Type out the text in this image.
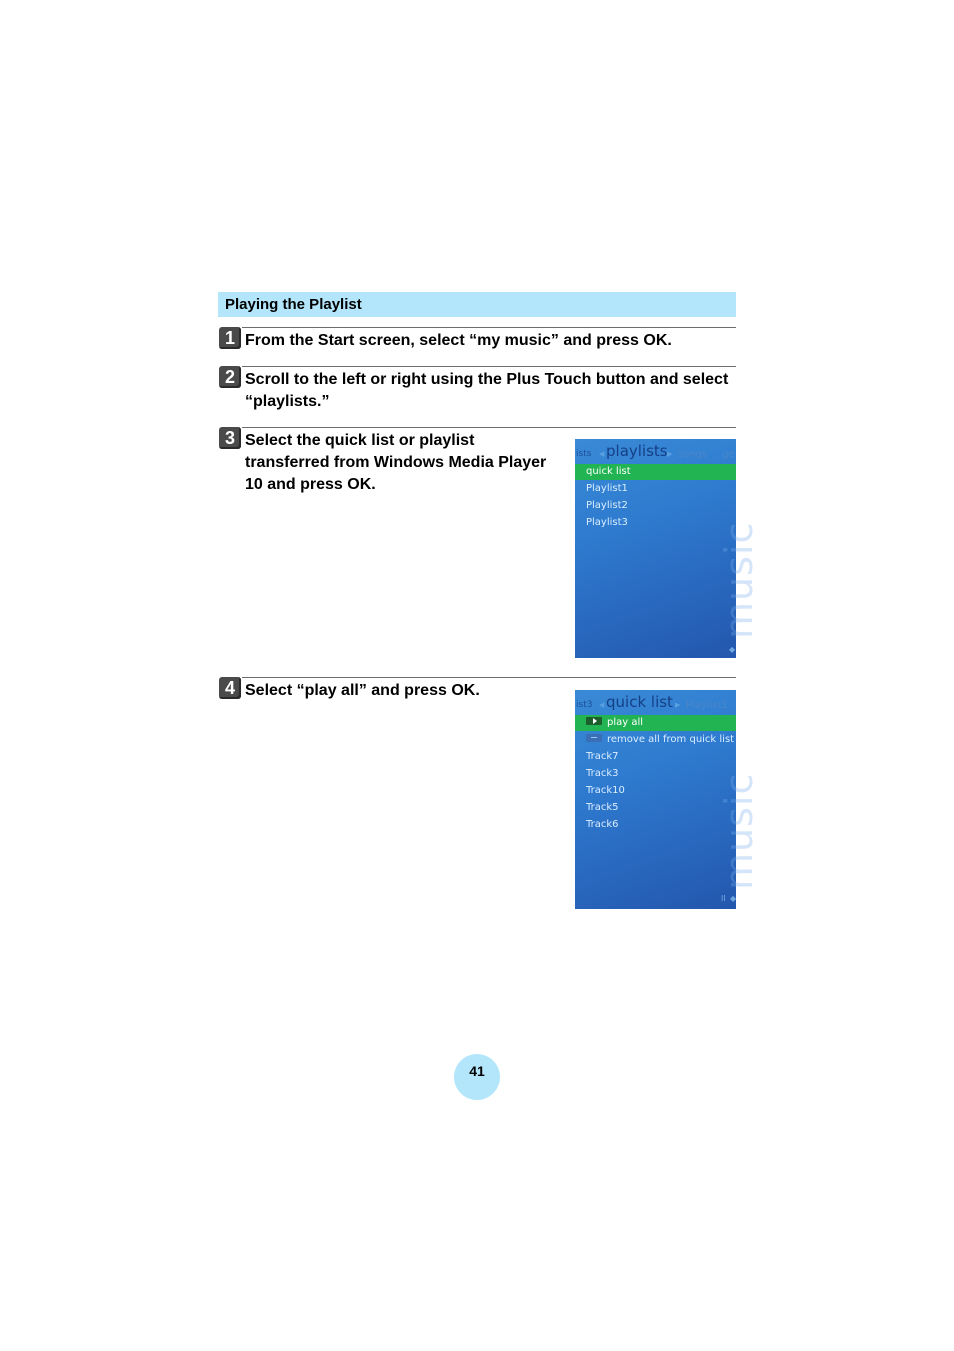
Playing the Playlist
1 From the Start screen, select “my music” and press OK.
2 Scroll to the left or right using the Plus Touch button and select
“playlists.”
3 Select the quick list or playlist
transferred from Windows Media Player
10 and press OK.
ists ◀ playlists ▶ songs ge
quick list
Playlist1
Playlist2
Playlist3	music
◆
4 Select “play all” and press OK.
ist3 ◀ quick list ▶ Playlist1
play all
remove all from quick list
Track7
Track3
Track10
Track5
Track6	music
II ◆
41
